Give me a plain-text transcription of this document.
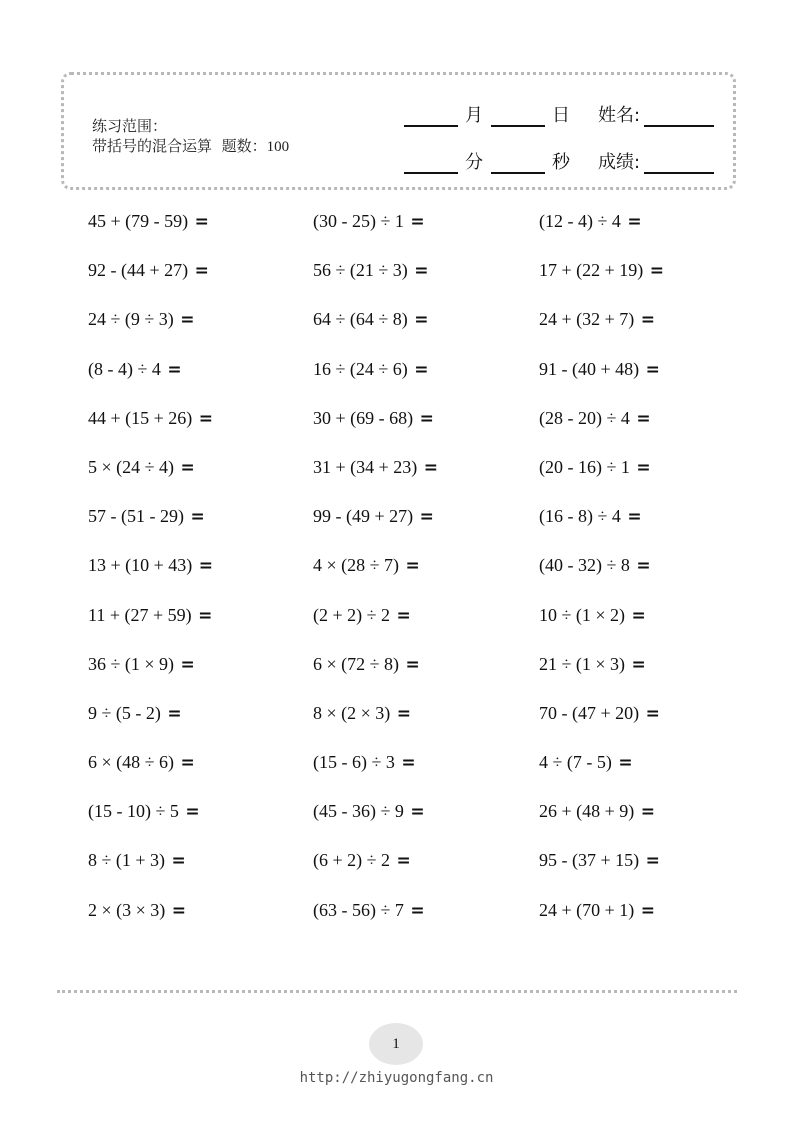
练习范围：
带括号的混合运算 题数：100
月	日 姓名:
分	秒 成绩:
45 + (79 - 59) =	(30 - 25) ÷ 1 =	(12 - 4) ÷ 4 =
92 - (44 + 27) =	56 ÷ (21 ÷ 3) =	17 + (22 + 19) =
24 ÷ (9 ÷ 3) =	64 ÷ (64 ÷ 8) =	24 + (32 + 7) =
(8 - 4) ÷ 4 =	16 ÷ (24 ÷ 6) =	91 - (40 + 48) =
44 + (15 + 26) =	30 + (69 - 68) =	(28 - 20) ÷ 4 =
5 × (24 ÷ 4) =	31 + (34 + 23) =	(20 - 16) ÷ 1 =
57 - (51 - 29) =	99 - (49 + 27) =	(16 - 8) ÷ 4 =
13 + (10 + 43) =	4 × (28 ÷ 7) =	(40 - 32) ÷ 8 =
11 + (27 + 59) =	(2 + 2) ÷ 2 =	10 ÷ (1 × 2) =
36 ÷ (1 × 9) =	6 × (72 ÷ 8) =	21 ÷ (1 × 3) =
9 ÷ (5 - 2) =	8 × (2 × 3) =	70 - (47 + 20) =
6 × (48 ÷ 6) =	(15 - 6) ÷ 3 =	4 ÷ (7 - 5) =
(15 - 10) ÷ 5 =	(45 - 36) ÷ 9 =	26 + (48 + 9) =
8 ÷ (1 + 3) =	(6 + 2) ÷ 2 =	95 - (37 + 15) =
2 × (3 × 3) =	(63 - 56) ÷ 7 =	24 + (70 + 1) =
1
http://zhiyugongfang.cn
